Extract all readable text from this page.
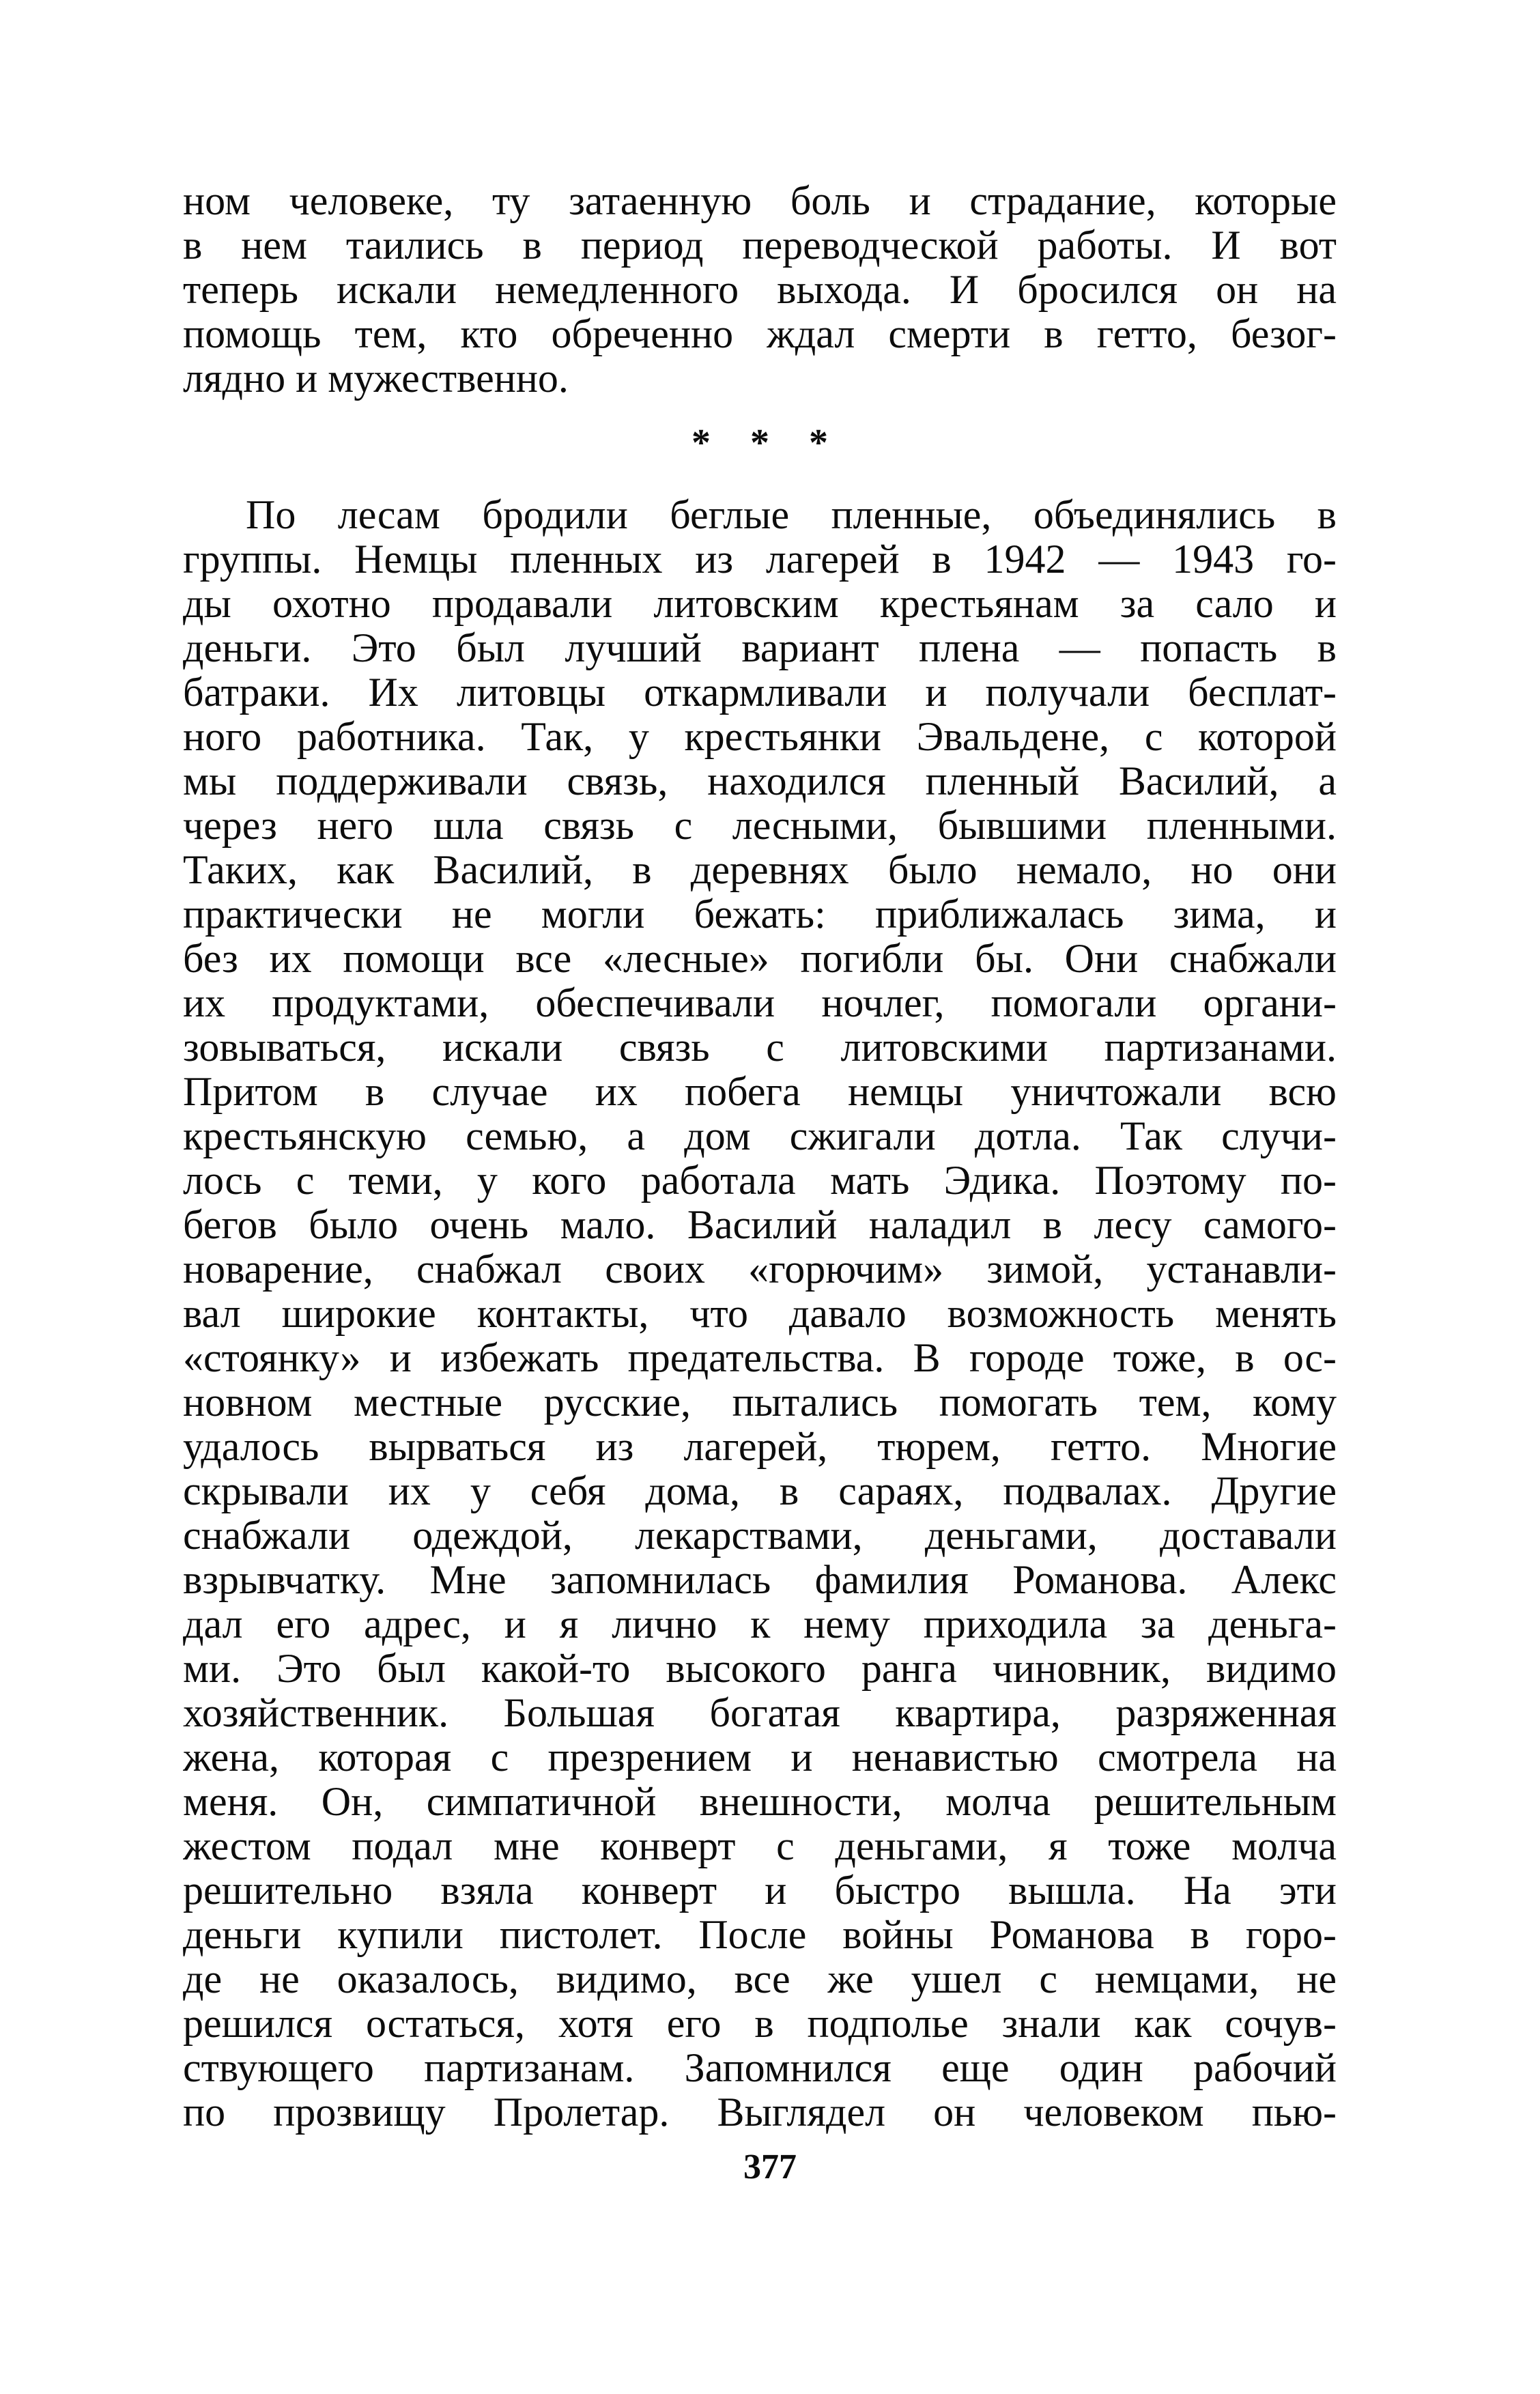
ном человеке, ту затаенную боль и страдание, которые
в нем таились в период переводческой работы. И вот
теперь искали немедленного выхода. И бросился он на
помощь тем, кто обреченно ждал смерти в гетто, безог-
лядно и мужественно.
* * *
По лесам бродили беглые пленные, объединялись в
группы. Немцы пленных из лагерей в 1942 — 1943 го-
ды охотно продавали литовским крестьянам за сало и
деньги. Это был лучший вариант плена — попасть в
батраки. Их литовцы откармливали и получали бесплат-
ного работника. Так, у крестьянки Эвальдене, с которой
мы поддерживали связь, находился пленный Василий, а
через него шла связь с лесными, бывшими пленными.
Таких, как Василий, в деревнях было немало, но они
практически не могли бежать: приближалась зима, и
без их помощи все «лесные» погибли бы. Они снабжали
их продуктами, обеспечивали ночлег, помогали органи-
зовываться, искали связь с литовскими партизанами.
Притом в случае их побега немцы уничтожали всю
крестьянскую семью, а дом сжигали дотла. Так случи-
лось с теми, у кого работала мать Эдика. Поэтому по-
бегов было очень мало. Василий наладил в лесу самого-
новарение, снабжал своих «горючим» зимой, устанавли-
вал широкие контакты, что давало возможность менять
«стоянку» и избежать предательства. В городе тоже, в ос-
новном местные русские, пытались помогать тем, кому
удалось вырваться из лагерей, тюрем, гетто. Многие
скрывали их у себя дома, в сараях, подвалах. Другие
снабжали одеждой, лекарствами, деньгами, доставали
взрывчатку. Мне запомнилась фамилия Романова. Алекс
дал его адрес, и я лично к нему приходила за деньга-
ми. Это был какой-то высокого ранга чиновник, видимо
хозяйственник. Большая богатая квартира, разряженная
жена, которая с презрением и ненавистью смотрела на
меня. Он, симпатичной внешности, молча решительным
жестом подал мне конверт с деньгами, я тоже молча
решительно взяла конверт и быстро вышла. На эти
деньги купили пистолет. После войны Романова в горо-
де не оказалось, видимо, все же ушел с немцами, не
решился остаться, хотя его в подполье знали как сочув-
ствующего партизанам. Запомнился еще один рабочий
по прозвищу Пролетар. Выглядел он человеком пью-
377
